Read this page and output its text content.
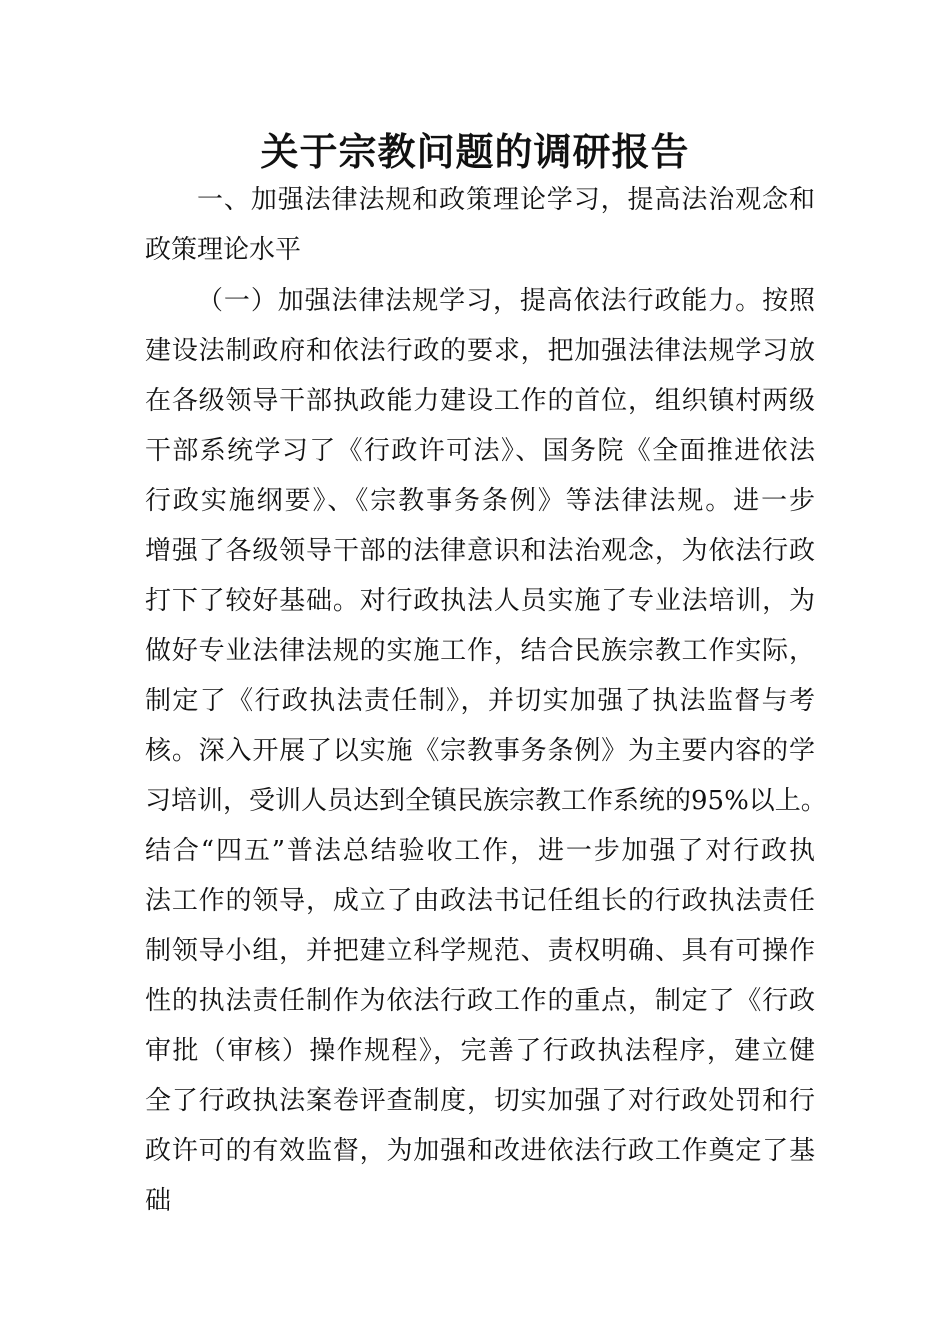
关于宗教问题的调研报告

一、加强法律法规和政策理论学习，提高法治观念和

政策理论水平

（一）加强法律法规学习，提高依法行政能力。按照

建设法制政府和依法行政的要求，把加强法律法规学习放

在各级领导干部执政能力建设工作的首位，组织镇村两级

干部系统学习了《行政许可法》、国务院《全面推进依法

行政实施纲要》、《宗教事务条例》等法律法规。进一步

增强了各级领导干部的法律意识和法治观念，为依法行政

打下了较好基础。对行政执法人员实施了专业法培训，为

做好专业法律法规的实施工作，结合民族宗教工作实际，

制定了《行政执法责任制》，并切实加强了执法监督与考

核。深入开展了以实施《宗教事务条例》为主要内容的学

习培训，受训人员达到全镇民族宗教工作系统的95%以上。

结合“四五”普法总结验收工作，进一步加强了对行政执

法工作的领导，成立了由政法书记任组长的行政执法责任

制领导小组，并把建立科学规范、责权明确、具有可操作

性的执法责任制作为依法行政工作的重点，制定了《行政

审批（审核）操作规程》，完善了行政执法程序，建立健

全了行政执法案卷评查制度，切实加强了对行政处罚和行

政许可的有效监督，为加强和改进依法行政工作奠定了基

础
